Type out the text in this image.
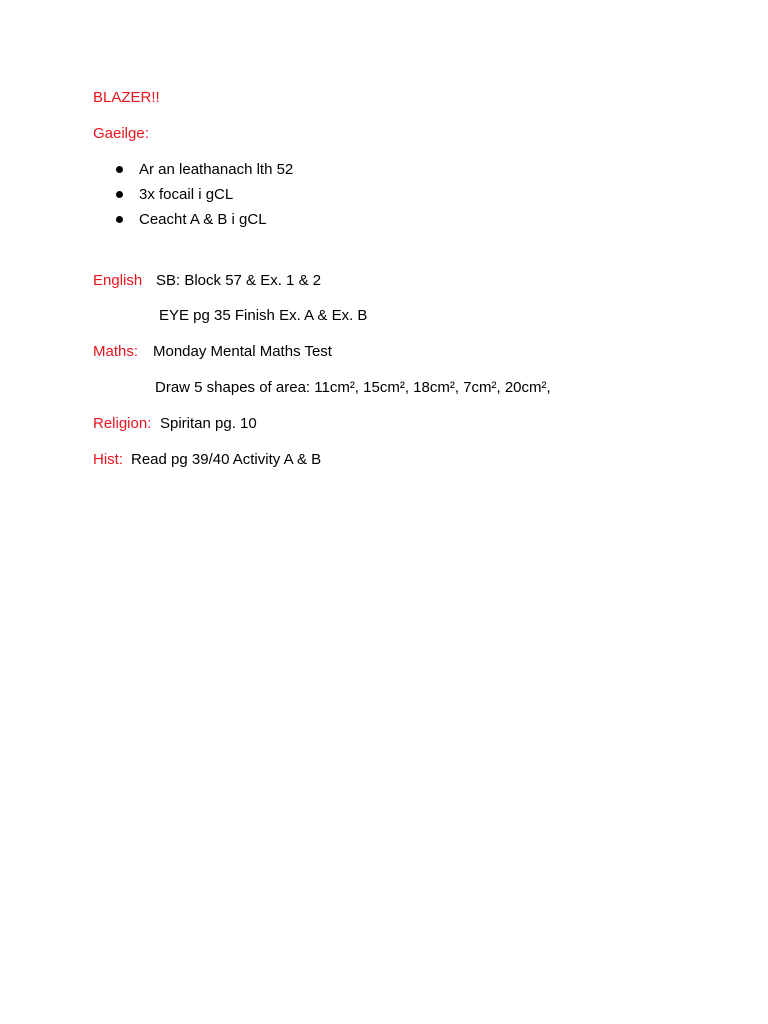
BLAZER!!
Gaeilge:
Ar an leathanach lth 52
3x focail i gCL
Ceacht A & B i gCL
English SB: Block 57 & Ex. 1 & 2
EYE pg 35 Finish Ex. A & Ex. B
Maths: Monday Mental Maths Test
Draw 5 shapes of area: 11cm², 15cm², 18cm², 7cm², 20cm²,
Religion: Spiritan pg. 10
Hist: Read pg 39/40 Activity A & B
